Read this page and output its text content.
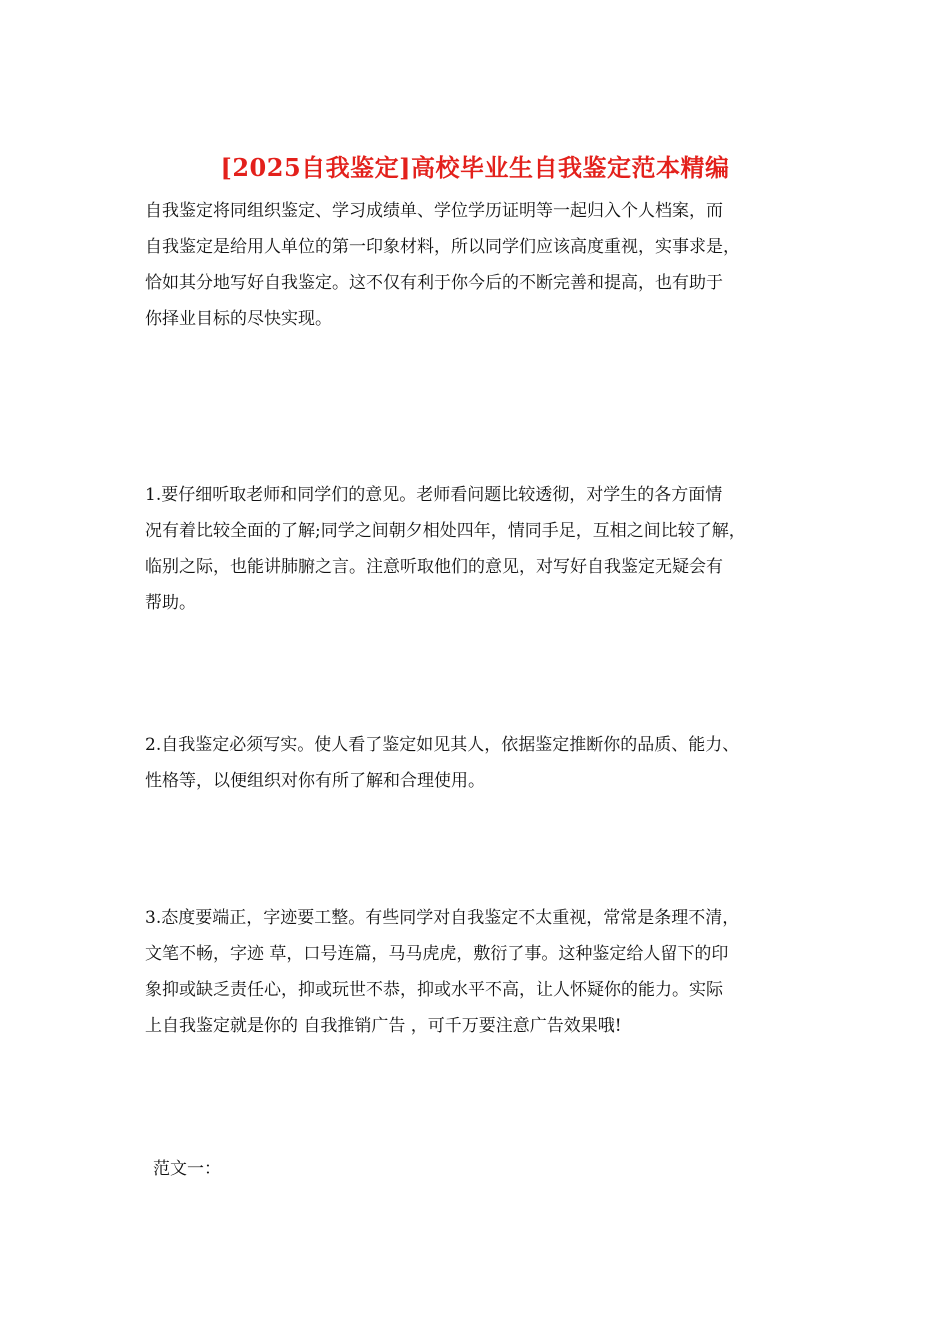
[2025自我鉴定]高校毕业生自我鉴定范本精编
自我鉴定将同组织鉴定、学习成绩单、学位学历证明等一起归入个人档案，而
自我鉴定是给用人单位的第一印象材料，所以同学们应该高度重视，实事求是，
恰如其分地写好自我鉴定。这不仅有利于你今后的不断完善和提高，也有助于
你择业目标的尽快实现。
1.要仔细听取老师和同学们的意见。老师看问题比较透彻，对学生的各方面情
况有着比较全面的了解;同学之间朝夕相处四年，情同手足，互相之间比较了解，
临别之际，也能讲肺腑之言。注意听取他们的意见，对写好自我鉴定无疑会有
帮助。
2.自我鉴定必须写实。使人看了鉴定如见其人，依据鉴定推断你的品质、能力、
性格等，以便组织对你有所了解和合理使用。
3.态度要端正，字迹要工整。有些同学对自我鉴定不太重视，常常是条理不清，
文笔不畅，字迹 草，口号连篇，马马虎虎，敷衍了事。这种鉴定给人留下的印
象抑或缺乏责任心，抑或玩世不恭，抑或水平不高，让人怀疑你的能力。实际
上自我鉴定就是你的 自我推销广告 ，可千万要注意广告效果哦!
范文一：
